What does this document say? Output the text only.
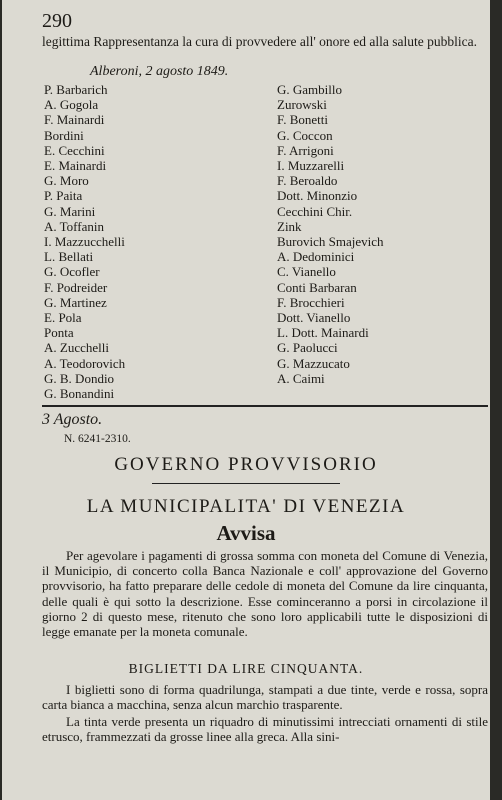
290
legittima Rappresentanza la cura di provvedere all' onore ed alla salute pubblica.
Alberoni, 2 agosto 1849.
P. Barbarich
A. Gogola
F. Mainardi
Bordini
E. Cecchini
E. Mainardi
G. Moro
P. Paita
G. Marini
A. Toffanin
I. Mazzucchelli
L. Bellati
G. Ocofler
F. Podreider
G. Martinez
E. Pola
Ponta
A. Zucchelli
A. Teodorovich
G. B. Dondio
G. Bonandini
G. Gambillo
Zurowski
F. Bonetti
G. Coccon
F. Arrigoni
I. Muzzarelli
F. Beroaldo
Dott. Minonzio
Cecchini Chir.
Zink
Burovich Smajevich
A. Dedominici
C. Vianello
Conti Barbaran
F. Brocchieri
Dott. Vianello
L. Dott. Mainardi
G. Paolucci
G. Mazzucato
A. Caimi
3 Agosto.
N. 6241-2310.
GOVERNO PROVVISORIO
LA MUNICIPALITA' DI VENEZIA
Avvisa
Per agevolare i pagamenti di grossa somma con moneta del Comune di Venezia, il Municipio, di concerto colla Banca Nazionale e coll' approvazione del Governo provvisorio, ha fatto preparare delle cedole di moneta del Comune da lire cinquanta, delle quali è qui sotto la descrizione. Esse cominceranno a porsi in circolazione il giorno 2 di questo mese, ritenuto che sono loro applicabili tutte le disposizioni di legge emanate per la moneta comunale.
BIGLIETTI DA LIRE CINQUANTA.
I biglietti sono di forma quadrilunga, stampati a due tinte, verde e rossa, sopra carta bianca a macchina, senza alcun marchio trasparente.
La tinta verde presenta un riquadro di minutissimi intrecciati ornamenti di stile etrusco, frammezzati da grosse linee alla greca. Alla sini-
